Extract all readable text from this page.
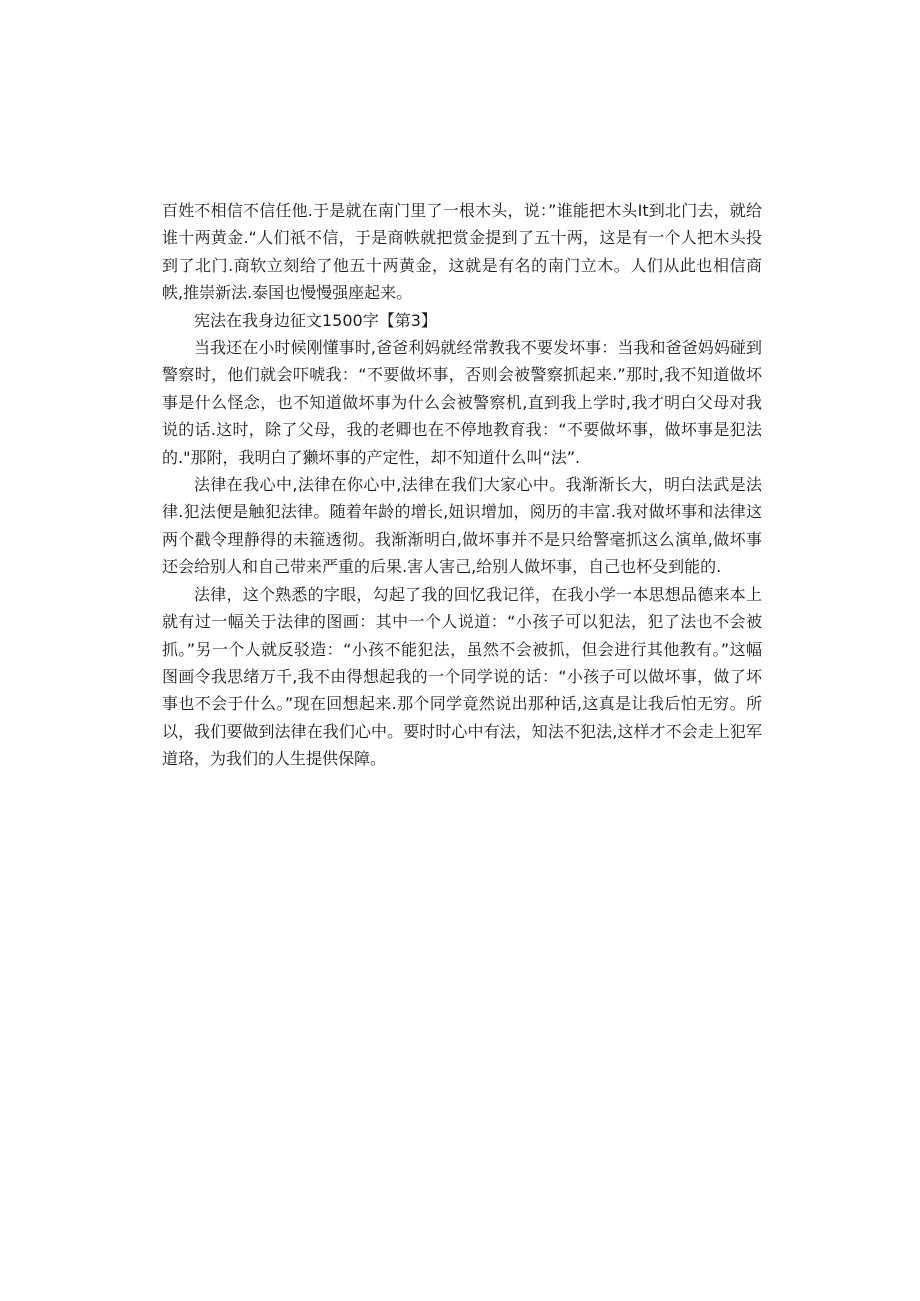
百姓不相信不信任他.于是就在南门里了一根木头，说：”谁能把木头It到北门去，就给谁十两黄金.“人们祇不信，于是商帙就把赏金提到了五十两，这是有一个人把木头投到了北门.商软立刻给了他五十两黄金，这就是有名的南门立木。人们从此也相信商帙,推崇新法.泰国也慢慢强座起来。

宪法在我身边征文1500字【第3】

当我还在小时候刚懂事时,爸爸利妈就经常教我不要发坏事：当我和爸爸妈妈碰到警察时，他们就会吓唬我：“不要做坏事，否则会被警察抓起来.”那时,我不知道做坏事是什么怪念，也不知道做坏事为什么会被警察机,直到我上学时,我才明白父母对我说的话.这时，除了父母，我的老卿也在不停地教育我：“不要做坏事，做坏事是犯法的."那附，我明白了獭坏事的产定性，却不知道什么叫“法”.

法律在我心中,法律在你心中,法律在我们大家心中。我渐渐长大，明白法武是法律.犯法便是触犯法律。随着年龄的增长,妞识增加，阅历的丰富.我对做坏事和法律这两个戳令理静得的未箍透彻。我渐渐明白,做坏事并不是只给警毫抓这么演单,做坏事还会给别人和自己带来严重的后果.害人害己,给别人做坏事，自己也杯殳到能的.

法律，这个熟悉的字眼，勾起了我的回忆我记徉，在我小学一本思想品德来本上就有过一幅关于法律的图画：其中一个人说道：“小孩子可以犯法，犯了法也不会被抓。”另一个人就反驳造：“小孩不能犯法，虽然不会被抓，但会进行其他教有。”这幅图画令我思绪万千,我不由得想起我的一个同学说的话：“小孩子可以做坏事，做了坏事也不会于什么。”现在回想起来.那个同学竟然说出那种话,这真是让我后怕无穷。所以，我们要做到法律在我们心中。要时时心中有法，知法不犯法,这样才不会走上犯军道珞，为我们的人生提供保障。
